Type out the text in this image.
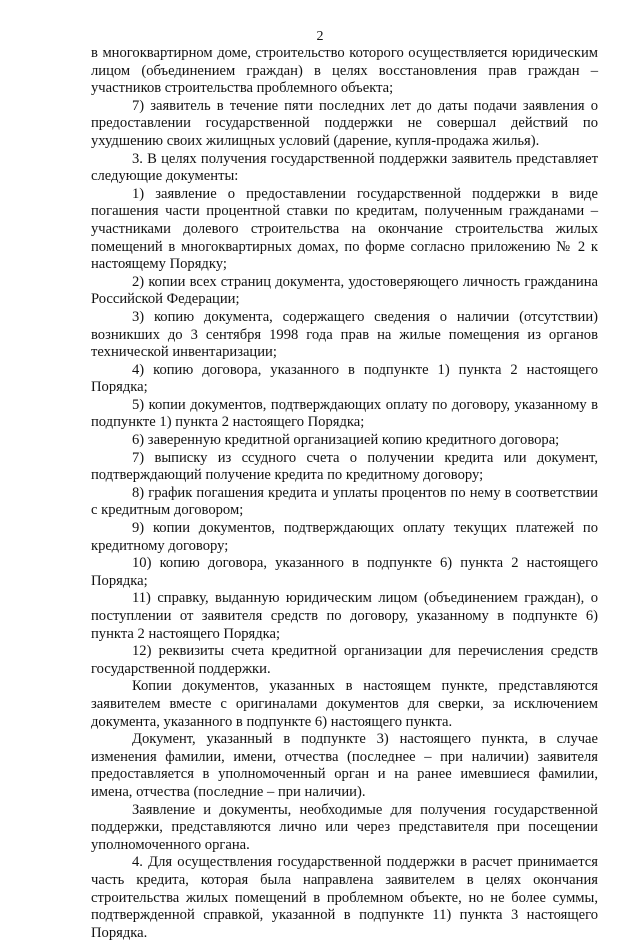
2

в многоквартирном доме, строительство которого осуществляется юридическим лицом (объединением граждан) в целях восстановления прав граждан – участников строительства проблемного объекта;

7) заявитель в течение пяти последних лет до даты подачи заявления о предоставлении государственной поддержки не совершал действий по ухудшению своих жилищных условий (дарение, купля-продажа жилья).

3. В целях получения государственной поддержки заявитель представляет следующие документы:

1) заявление о предоставлении государственной поддержки в виде погашения части процентной ставки по кредитам, полученным гражданами – участниками долевого строительства на окончание строительства жилых помещений в многоквартирных домах, по форме согласно приложению № 2 к настоящему Порядку;

2) копии всех страниц документа, удостоверяющего личность гражданина Российской Федерации;

3) копию документа, содержащего сведения о наличии (отсутствии) возникших до 3 сентября 1998 года прав на жилые помещения из органов технической инвентаризации;

4) копию договора, указанного в подпункте 1) пункта 2 настоящего Порядка;

5) копии документов, подтверждающих оплату по договору, указанному в подпункте 1) пункта 2 настоящего Порядка;

6) заверенную кредитной организацией копию кредитного договора;

7) выписку из ссудного счета о получении кредита или документ, подтверждающий получение кредита по кредитному договору;

8) график погашения кредита и уплаты процентов по нему в соответствии с кредитным договором;

9) копии документов, подтверждающих оплату текущих платежей по кредитному договору;

10) копию договора, указанного в подпункте 6) пункта 2 настоящего Порядка;

11) справку, выданную юридическим лицом (объединением граждан), о поступлении от заявителя средств по договору, указанному в подпункте 6) пункта 2 настоящего Порядка;

12) реквизиты счета кредитной организации для перечисления средств государственной поддержки.

Копии документов, указанных в настоящем пункте, представляются заявителем вместе с оригиналами документов для сверки, за исключением документа, указанного в подпункте 6) настоящего пункта.

Документ, указанный в подпункте 3) настоящего пункта, в случае изменения фамилии, имени, отчества (последнее – при наличии) заявителя предоставляется в уполномоченный орган и на ранее имевшиеся фамилии, имена, отчества (последние – при наличии).

Заявление и документы, необходимые для получения государственной поддержки, представляются лично или через представителя при посещении уполномоченного органа.

4. Для осуществления государственной поддержки в расчет принимается часть кредита, которая была направлена заявителем в целях окончания строительства жилых помещений в проблемном объекте, но не более суммы, подтвержденной справкой, указанной в подпункте 11) пункта 3 настоящего Порядка.
